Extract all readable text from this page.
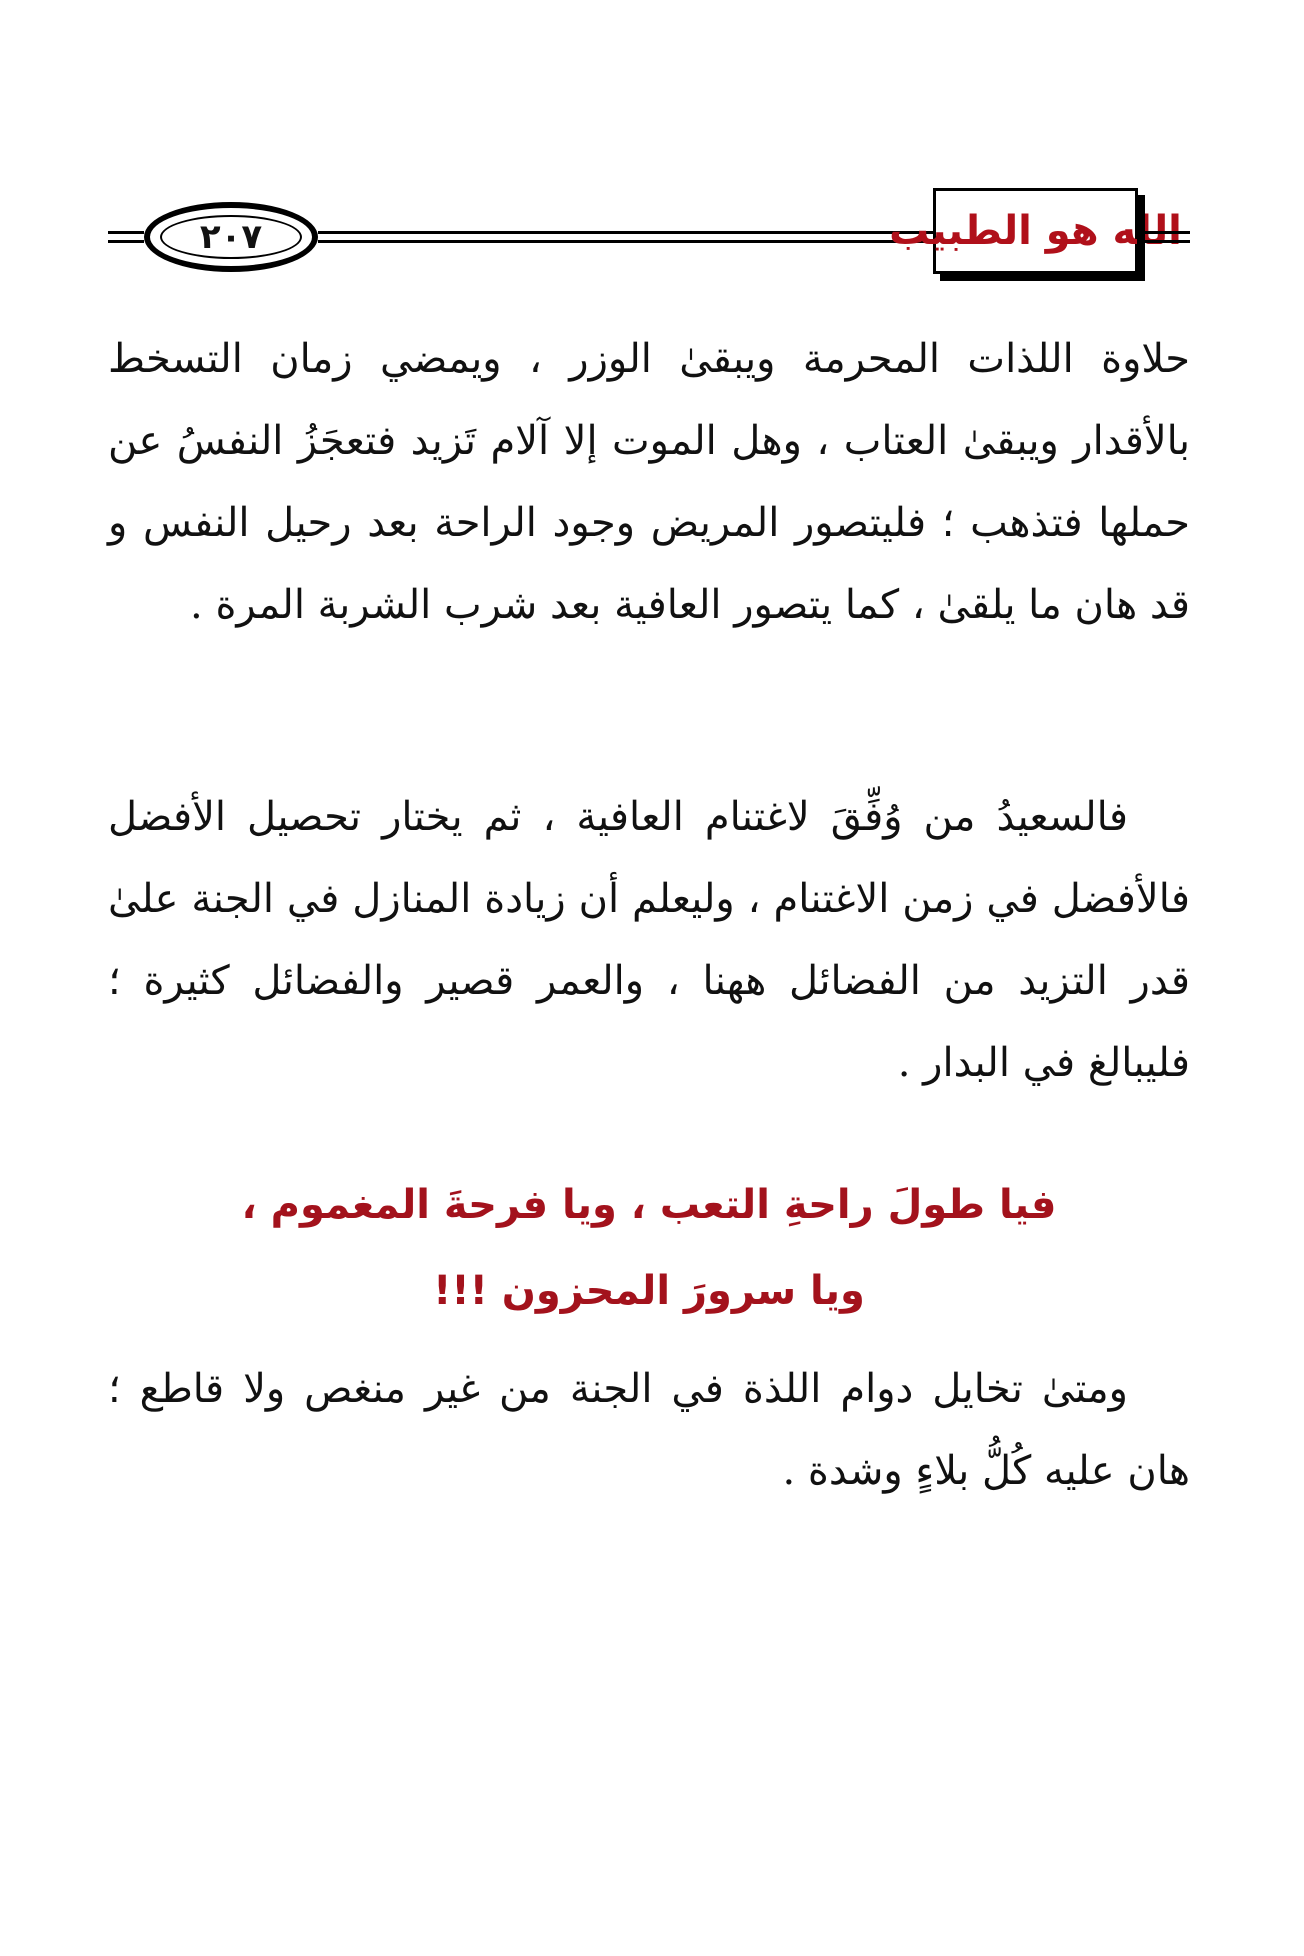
٢٠٧	الله هو الطبيب

حلاوة اللذات المحرمة ويبقىٰ الوزر ، ويمضي زمان التسخط بالأقدار ويبقىٰ العتاب ، وهل الموت إلا آلام تَزيد فتعجَزُ النفسُ عن حملها فتذهب ؛ فليتصور المريض وجود الراحة بعد رحيل النفس و قد هان ما يلقىٰ ، كما يتصور العافية بعد شرب الشربة المرة .

فالسعيدُ من وُفِّقَ لاغتنام العافية ، ثم يختار تحصيل الأفضل فالأفضل في زمن الاغتنام ، وليعلم أن زيادة المنازل في الجنة علىٰ قدر التزيد من الفضائل ههنا ، والعمر قصير والفضائل كثيرة ؛ فليبالغ في البدار .

فيا طولَ راحةِ التعب ، ويا فرحةَ المغموم ،
ويا سرورَ المحزون !!!

ومتىٰ تخايل دوام اللذة في الجنة من غير منغص ولا قاطع ؛ هان عليه كُلُّ بلاءٍ وشدة .
